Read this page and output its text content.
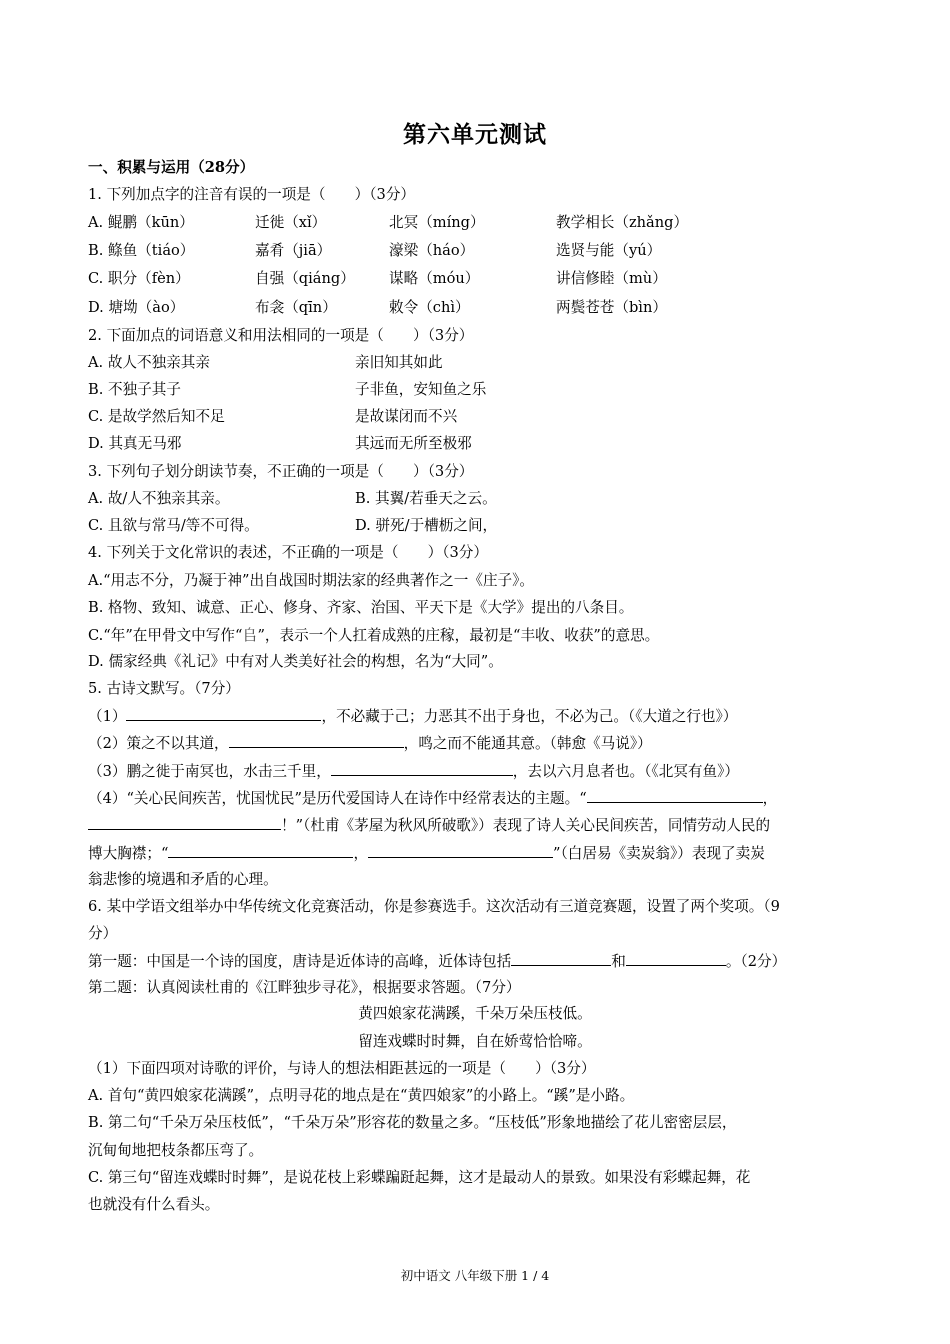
第六单元测试
一、积累与运用（28分）
1. 下列加点字的注音有误的一项是（　　）（3分）
A. 鲲鹏（kūn）	迁徙（xǐ）	北冥（míng）	教学相长（zhǎng）
B. 鲦鱼（tiáo）	嘉肴（jiā）	濠梁（háo）	选贤与能（yú）
C. 职分（fèn）	自强（qiáng） 谋略（móu）	讲信修睦（mù）
D. 塘坳（ào）	布衾（qīn）	敕令（chì）	两鬓苍苍（bìn）
2. 下面加点的词语意义和用法相同的一项是（　　）（3分）
A. 故人不独亲其亲	亲旧知其如此
B. 不独子其子	子非鱼，安知鱼之乐
C. 是故学然后知不足	是故谋闭而不兴
D. 其真无马邪	其远而无所至极邪
3. 下列句子划分朗读节奏，不正确的一项是（　　）（3分）
A. 故/人不独亲其亲。	B. 其翼/若垂天之云。
C. 且欲与常马/等不可得。	D. 骈死/于槽枥之间，
4. 下列关于文化常识的表述，不正确的一项是（　　）（3分）
A.“用志不分，乃凝于神”出自战国时期法家的经典著作之一《庄子》。
B. 格物、致知、诚意、正心、修身、齐家、治国、平天下是《大学》提出的八条目。
C.“年”在甲骨文中写作“𠂤”，表示一个人扛着成熟的庄稼，最初是“丰收、收获”的意思。
D. 儒家经典《礼记》中有对人类美好社会的构想，名为“大同”。
5. 古诗文默写。（7分）
（1）	，不必藏于己；力恶其不出于身也，不必为己。（《大道之行也》）
（2）策之不以其道，	，鸣之而不能通其意。（韩愈《马说》）
（3）鹏之徙于南冥也，水击三千里，	，去以六月息者也。（《北冥有鱼》）
（4）“关心民间疾苦，忧国忧民”是历代爱国诗人在诗作中经常表达的主题。“	，
！”（杜甫《茅屋为秋风所破歌》）表现了诗人关心民间疾苦，同情劳动人民的
博大胸襟；“	，	”（白居易《卖炭翁》）表现了卖炭
翁悲惨的境遇和矛盾的心理。
6. 某中学语文组举办中华传统文化竞赛活动，你是参赛选手。这次活动有三道竞赛题，设置了两个奖项。（9
分）
第一题：中国是一个诗的国度，唐诗是近体诗的高峰，近体诗包括	和	。（2分）
第二题：认真阅读杜甫的《江畔独步寻花》，根据要求答题。（7分）
黄四娘家花满蹊，千朵万朵压枝低。
留连戏蝶时时舞，自在娇莺恰恰啼。
（1）下面四项对诗歌的评价，与诗人的想法相距甚远的一项是（　　）（3分）
A. 首句“黄四娘家花满蹊”，点明寻花的地点是在“黄四娘家”的小路上。“蹊”是小路。
B. 第二句“千朵万朵压枝低”，“千朵万朵”形容花的数量之多。“压枝低”形象地描绘了花儿密密层层，
沉甸甸地把枝条都压弯了。
C. 第三句“留连戏蝶时时舞”，是说花枝上彩蝶蹁跹起舞，这才是最动人的景致。如果没有彩蝶起舞，花
也就没有什么看头。
初中语文 八年级下册 1 / 4
